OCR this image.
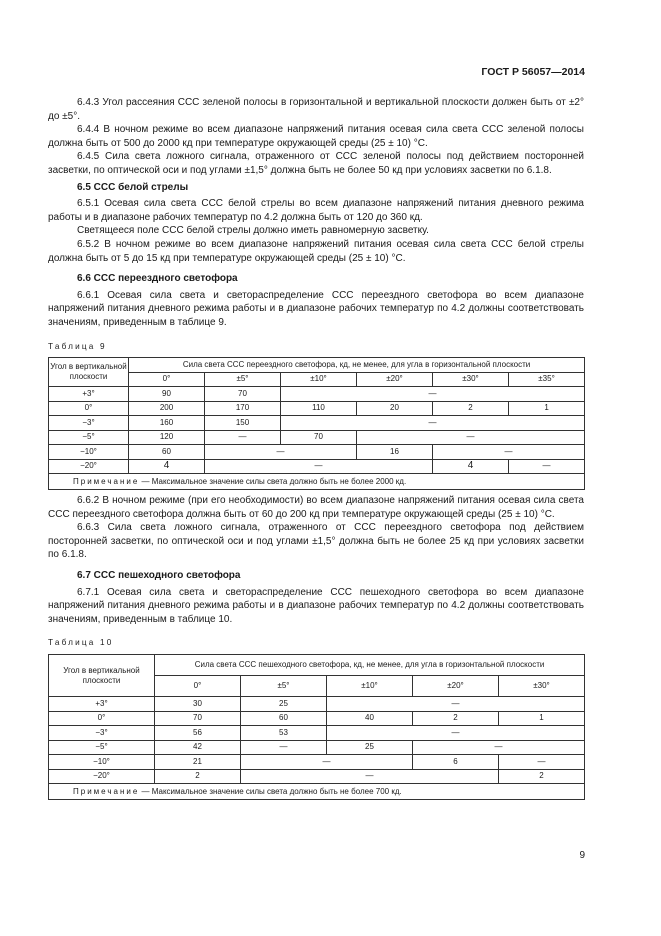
ГОСТ Р 56057—2014

6.4.3 Угол рассеяния ССС зеленой полосы в горизонтальной и вертикальной плоскости должен быть от ±2° до ±5°.

6.4.4 В ночном режиме во всем диапазоне напряжений питания осевая сила света ССС зеленой полосы должна быть от 500 до 2000 кд при температуре окружающей среды (25 ± 10) °С.

6.4.5 Сила света ложного сигнала, отраженного от ССС зеленой полосы под действием посторонней засветки, по оптической оси и под углами ±1,5° должна быть не более 50 кд при условиях засветки по 6.1.8.

6.5 ССС белой стрелы

6.5.1 Осевая сила света ССС белой стрелы во всем диапазоне напряжений питания дневного режима работы и в диапазоне рабочих температур по 4.2 должна быть от 120 до 360 кд.

Светящееся поле ССС белой стрелы должно иметь равномерную засветку.

6.5.2 В ночном режиме во всем диапазоне напряжений питания осевая сила света ССС белой стрелы должна быть от 5 до 15 кд при температуре окружающей среды (25 ± 10) °С.

6.6 ССС переездного светофора

6.6.1 Осевая сила света и светораспределение ССС переездного светофора во всем диапазоне напряжений питания дневного режима работы и в диапазоне рабочих температур по 4.2 должны соответствовать значениям, приведенным в таблице 9.

Таблица 9
Угол в вертикальной плоскости	Сила света ССС переездного светофора, кд, не менее, для угла в горизонтальной плоскости					
	0°	±5°	±10°	±20°	±30°	±35°
+3°	90	70	—			
0°	200	170	110	20	2	1
−3°	160	150	—			
−5°	120	—	70	—		
−10°	60	—		16	—	
−20°	4	—			4	—
Примечание — Максимальное значение силы света должно быть не более 2000 кд.						

6.6.2 В ночном режиме (при его необходимости) во всем диапазоне напряжений питания осевая сила света ССС переездного светофора должна быть от 60 до 200 кд при температуре окружающей среды (25 ± 10) °С.

6.6.3 Сила света ложного сигнала, отраженного от ССС переездного светофора под действием посторонней засветки, по оптической оси и под углами ±1,5° должна быть не более 25 кд при условиях засветки по 6.1.8.

6.7 ССС пешеходного светофора

6.7.1 Осевая сила света и светораспределение ССС пешеходного светофора во всем диапазоне напряжений питания дневного режима работы и в диапазоне рабочих температур по 4.2 должны соответствовать значениям, приведенным в таблице 10.

Таблица 10
Угол в вертикальной плоскости	Сила света ССС пешеходного светофора, кд, не менее, для угла в горизонтальной плоскости				
	0°	±5°	±10°	±20°	±30°
+3°	30	25	—		
0°	70	60	40	2	1
−3°	56	53	—		
−5°	42	—	25	—	
−10°	21	—		6	—
−20°	2	—			2
Примечание — Максимальное значение силы света должно быть не более 700 кд.					
9
